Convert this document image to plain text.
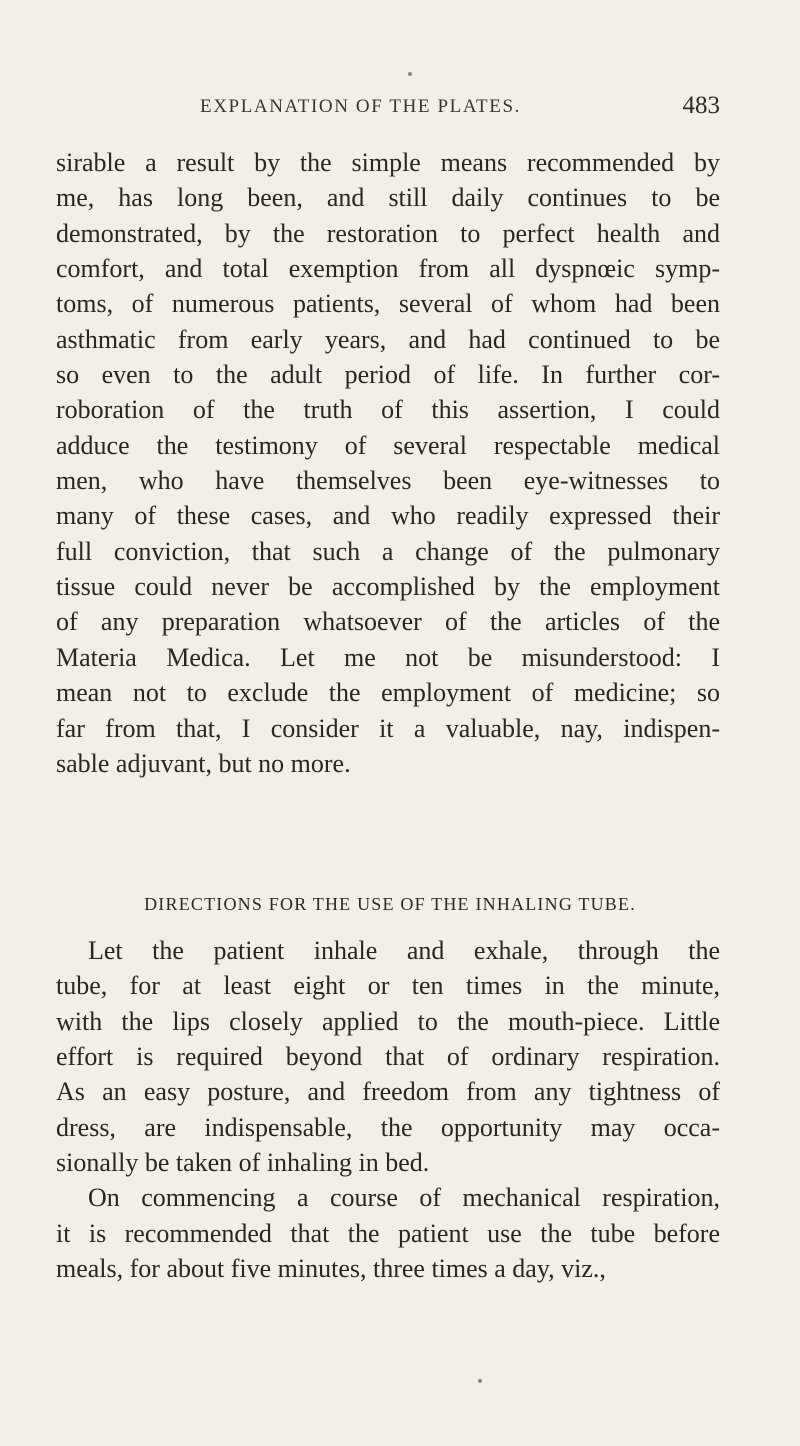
EXPLANATION OF THE PLATES.	483
sirable a result by the simple means recommended by
me, has long been, and still daily continues to be
demonstrated, by the restoration to perfect health and
comfort, and total exemption from all dyspnœic symp-
toms, of numerous patients, several of whom had been
asthmatic from early years, and had continued to be
so even to the adult period of life. In further cor-
roboration of the truth of this assertion, I could
adduce the testimony of several respectable medical
men, who have themselves been eye-witnesses to
many of these cases, and who readily expressed their
full conviction, that such a change of the pulmonary
tissue could never be accomplished by the employment
of any preparation whatsoever of the articles of the
Materia Medica. Let me not be misunderstood: I
mean not to exclude the employment of medicine; so
far from that, I consider it a valuable, nay, indispen-
sable adjuvant, but no more.
DIRECTIONS FOR THE USE OF THE INHALING TUBE.
Let the patient inhale and exhale, through the
tube, for at least eight or ten times in the minute,
with the lips closely applied to the mouth-piece. Little
effort is required beyond that of ordinary respiration.
As an easy posture, and freedom from any tightness of
dress, are indispensable, the opportunity may occa-
sionally be taken of inhaling in bed.
On commencing a course of mechanical respiration,
it is recommended that the patient use the tube before
meals, for about five minutes, three times a day, viz.,
